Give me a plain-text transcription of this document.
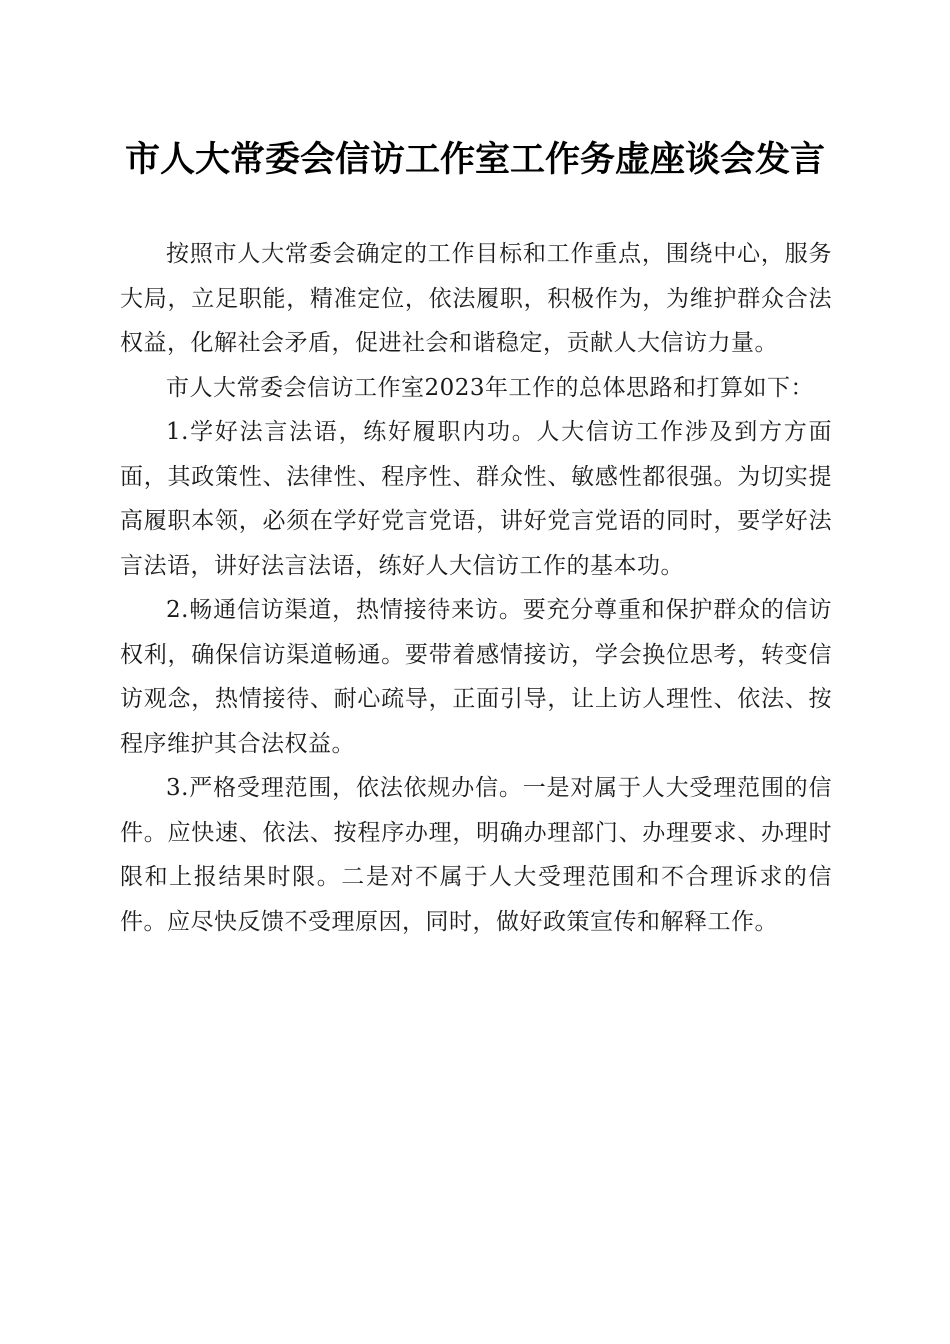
市人大常委会信访工作室工作务虚座谈会发言

按照市人大常委会确定的工作目标和工作重点，围绕中心，服务大局，立足职能，精准定位，依法履职，积极作为，为维护群众合法权益，化解社会矛盾，促进社会和谐稳定，贡献人大信访力量。

市人大常委会信访工作室2023年工作的总体思路和打算如下：

1.学好法言法语，练好履职内功。人大信访工作涉及到方方面面，其政策性、法律性、程序性、群众性、敏感性都很强。为切实提高履职本领，必须在学好党言党语，讲好党言党语的同时，要学好法言法语，讲好法言法语，练好人大信访工作的基本功。

2.畅通信访渠道，热情接待来访。要充分尊重和保护群众的信访权利，确保信访渠道畅通。要带着感情接访，学会换位思考，转变信访观念，热情接待、耐心疏导，正面引导，让上访人理性、依法、按程序维护其合法权益。

3.严格受理范围，依法依规办信。一是对属于人大受理范围的信件。应快速、依法、按程序办理，明确办理部门、办理要求、办理时限和上报结果时限。二是对不属于人大受理范围和不合理诉求的信件。应尽快反馈不受理原因，同时，做好政策宣传和解释工作。
